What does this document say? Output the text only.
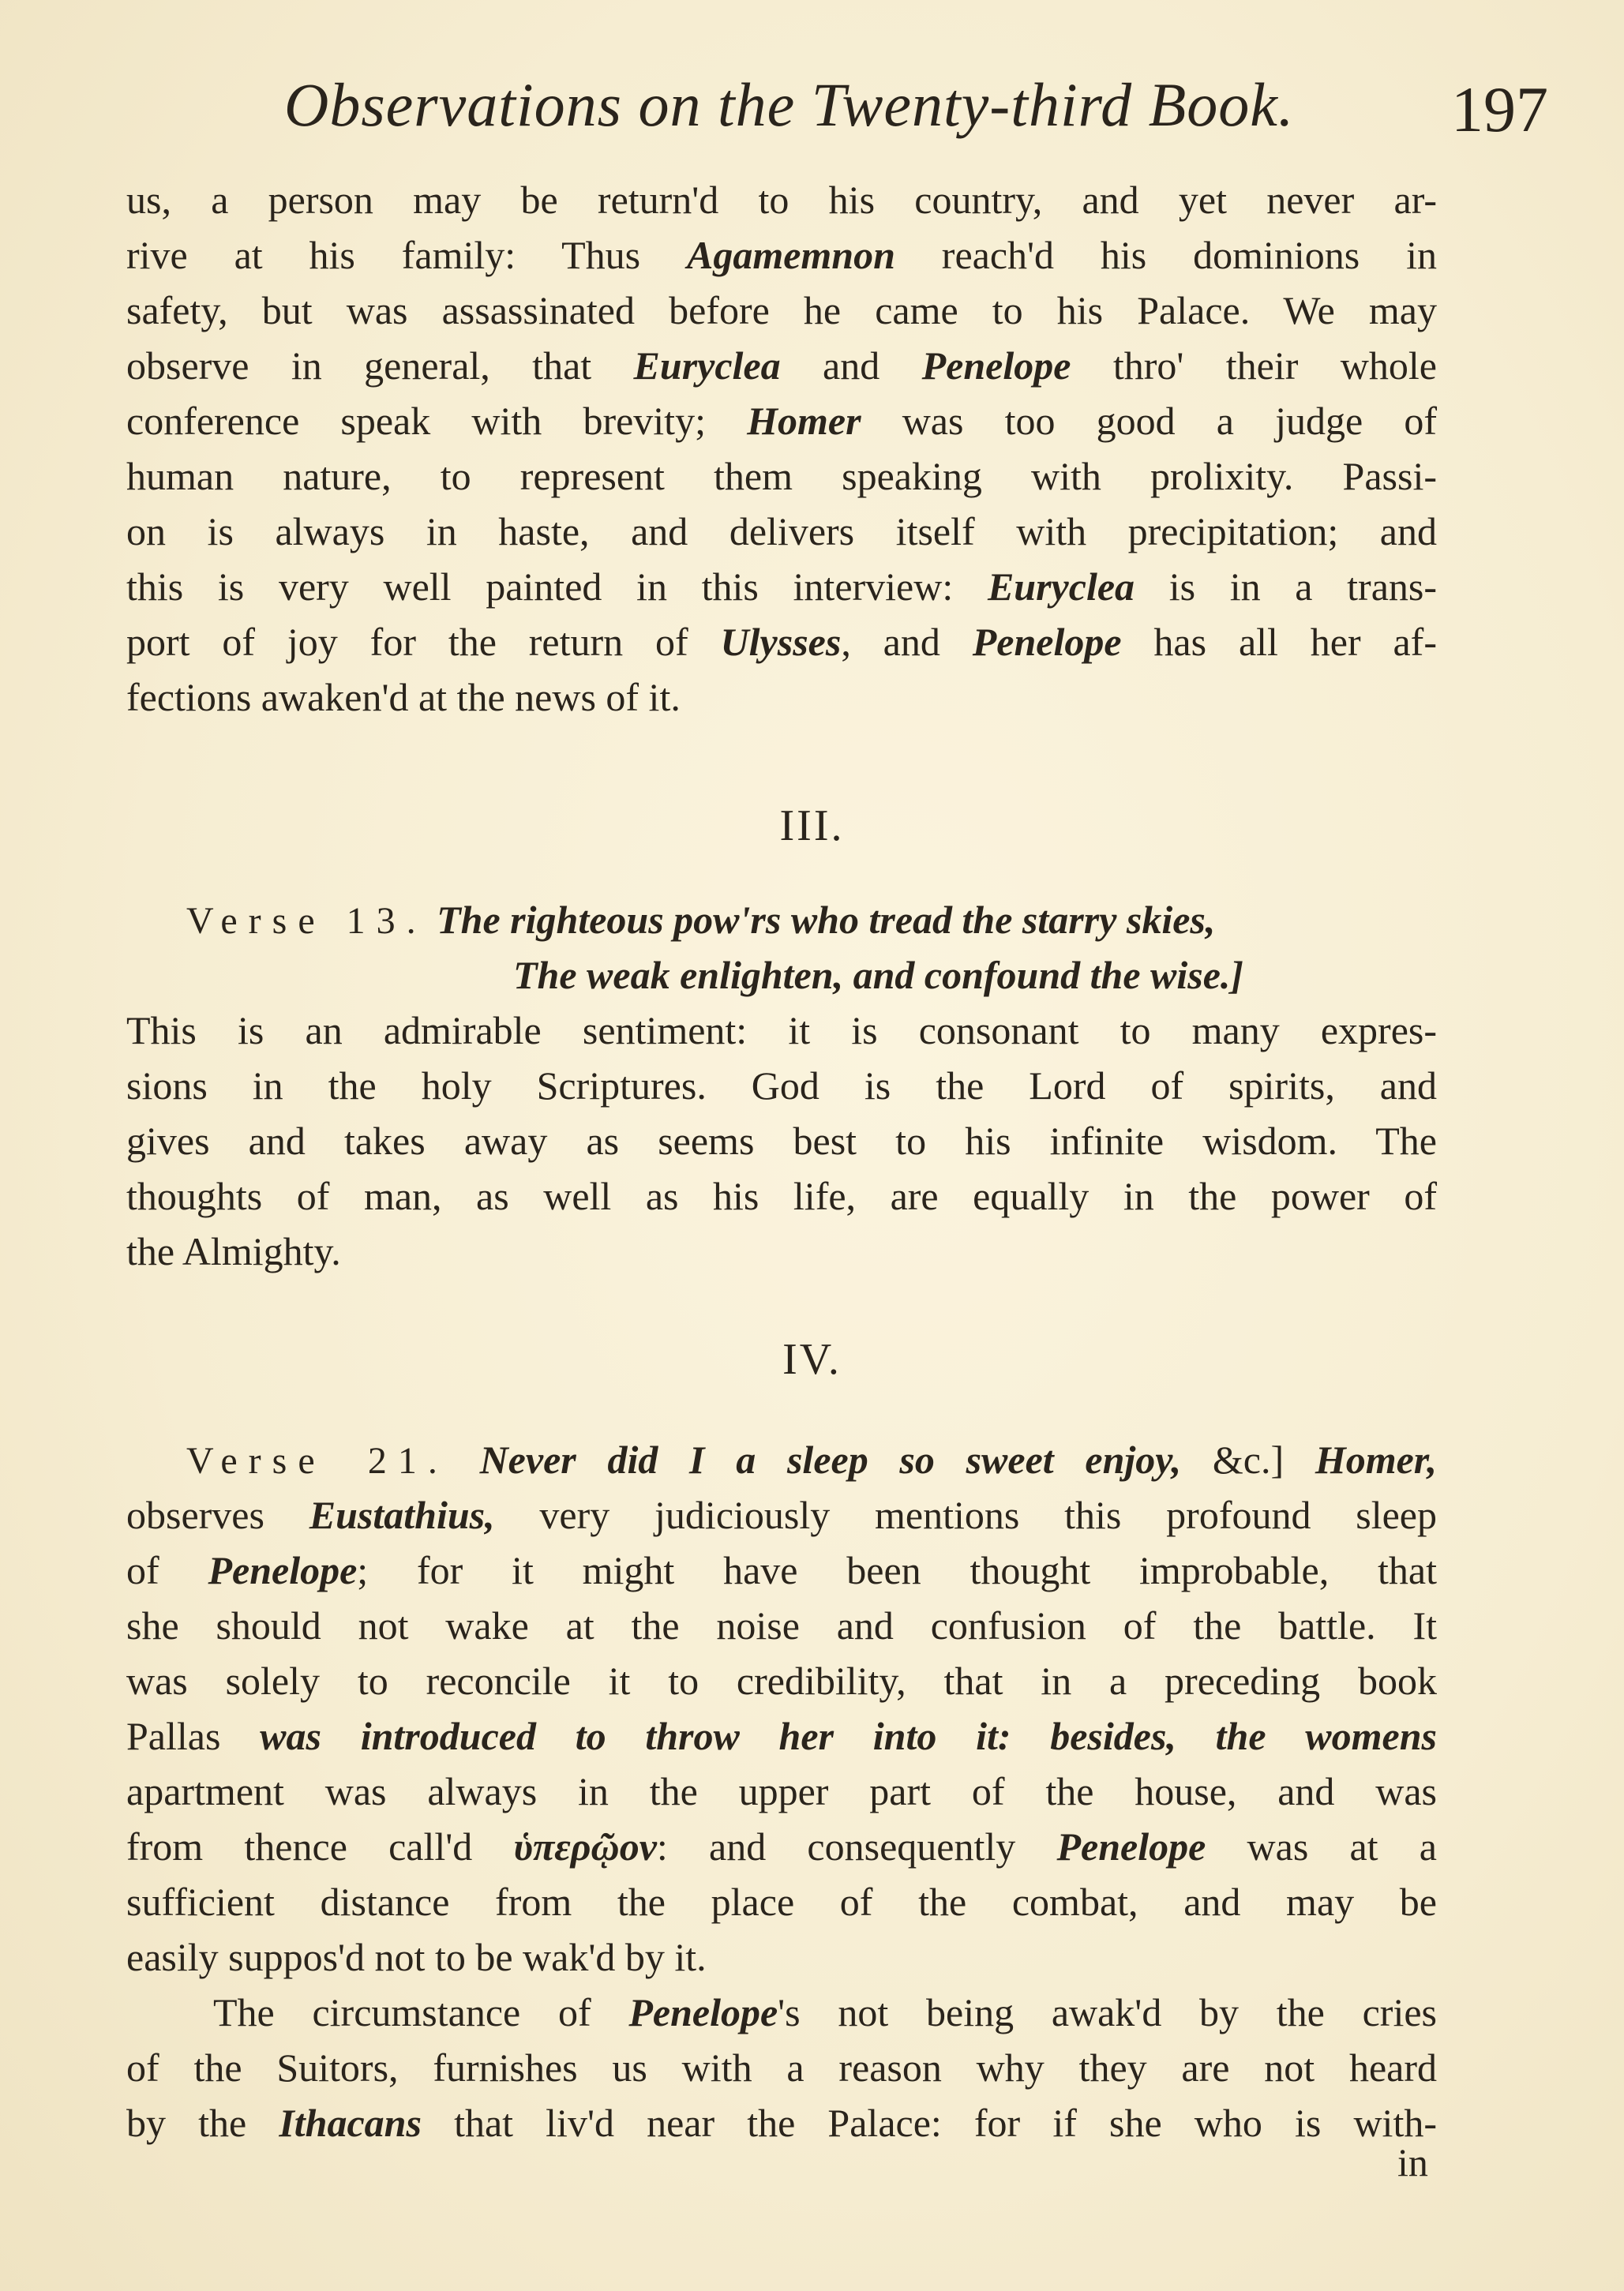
Observations on the Twenty-third Book.	197
us, a person may be return'd to his country, and yet never ar-
rive at his family: Thus Agamemnon reach'd his dominions in
safety, but was assassinated before he came to his Palace. We may
observe in general, that Euryclea and Penelope thro' their whole
conference speak with brevity; Homer was too good a judge of
human nature, to represent them speaking with prolixity. Passi-
on is always in haste, and delivers itself with precipitation; and
this is very well painted in this interview: Euryclea is in a trans-
port of joy for the return of Ulysses, and Penelope has all her af-
fections awaken'd at the news of it.
III.
Verse 13. The righteous pow'rs who tread the starry skies,
The weak enlighten, and confound the wise.]
This is an admirable sentiment: it is consonant to many expres-
sions in the holy Scriptures. God is the Lord of spirits, and
gives and takes away as seems best to his infinite wisdom. The
thoughts of man, as well as his life, are equally in the power of
the Almighty.
IV.
Verse 21. Never did I a sleep so sweet enjoy, &c.] Homer,
observes Eustathius, very judiciously mentions this profound sleep
of Penelope; for it might have been thought improbable, that
she should not wake at the noise and confusion of the battle. It
was solely to reconcile it to credibility, that in a preceding book
Pallas was introduced to throw her into it: besides, the womens
apartment was always in the upper part of the house, and was
from thence call'd ὑπερῷον: and consequently Penelope was at a
sufficient distance from the place of the combat, and may be
easily suppos'd not to be wak'd by it.
The circumstance of Penelope's not being awak'd by the cries
of the Suitors, furnishes us with a reason why they are not heard
by the Ithacans that liv'd near the Palace: for if she who is with-
in
